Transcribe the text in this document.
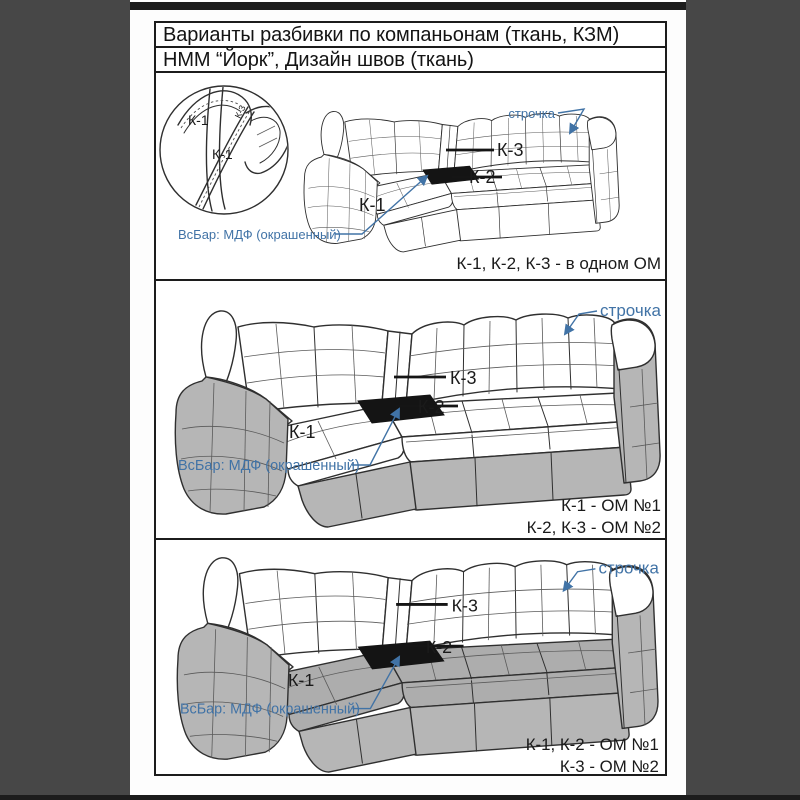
Варианты разбивки по компаньонам (ткань, КЗМ)
НММ “Йорк”, Дизайн швов (ткань)
К-1
К-3
К-1
строчка
К-3
К-2
К-1
ВсБар: МДФ (окрашенный)
К-1, К-2, К-3 - в одном ОМ
строчка
К-3
К-2
К-1
ВсБар: МДФ (окрашенный)
К-1 - ОМ №1
К-2, К-3 - ОМ №2
строчка
К-3
К-2
К-1
ВсБар: МДФ (окрашенный)
К-1, К-2 - ОМ №1
К-3 - ОМ №2
